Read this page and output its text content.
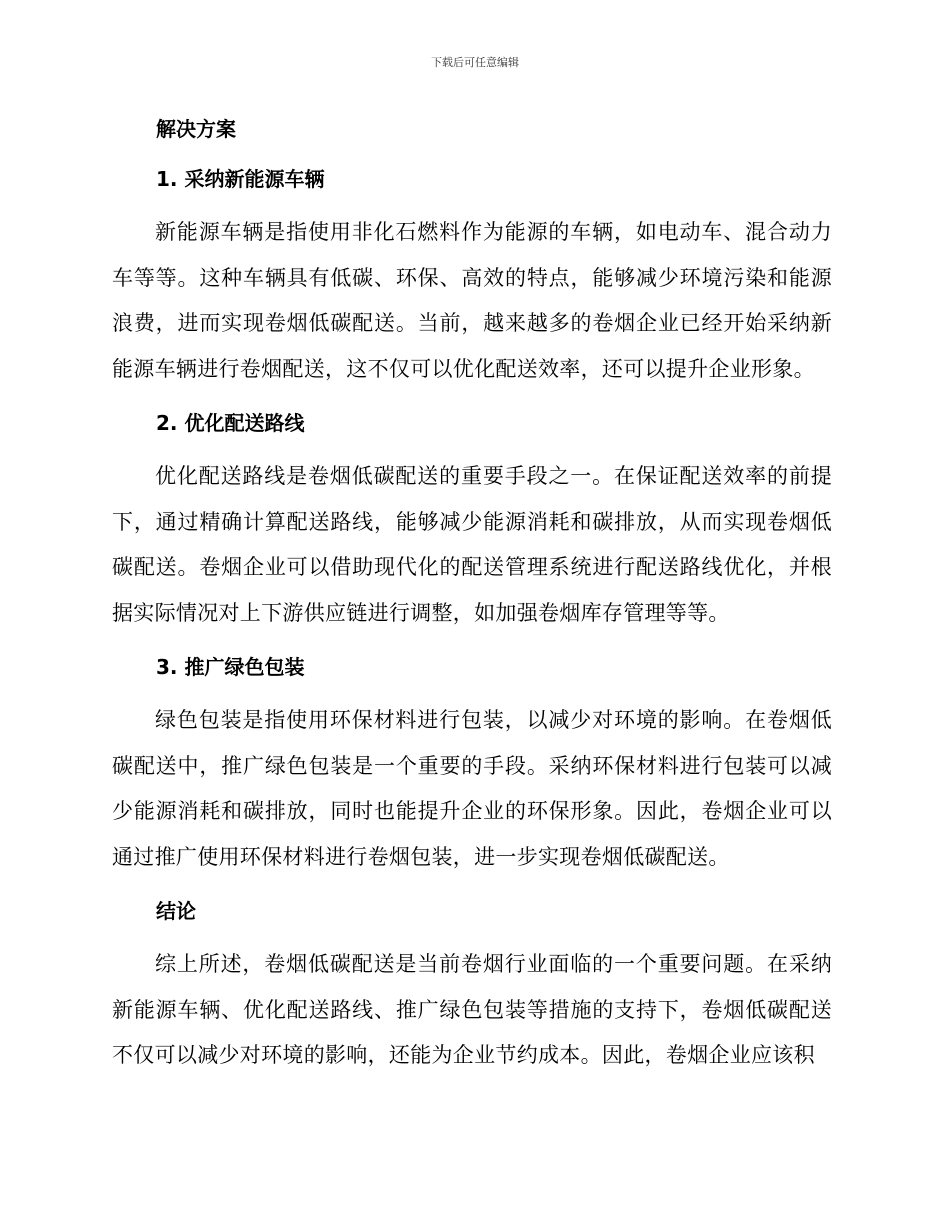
下载后可任意编辑
解决方案
1. 采纳新能源车辆

新能源车辆是指使用非化石燃料作为能源的车辆，如电动车、混合动力车等等。这种车辆具有低碳、环保、高效的特点，能够减少环境污染和能源浪费，进而实现卷烟低碳配送。当前，越来越多的卷烟企业已经开始采纳新能源车辆进行卷烟配送，这不仅可以优化配送效率，还可以提升企业形象。

2. 优化配送路线

优化配送路线是卷烟低碳配送的重要手段之一。在保证配送效率的前提下，通过精确计算配送路线，能够减少能源消耗和碳排放，从而实现卷烟低碳配送。卷烟企业可以借助现代化的配送管理系统进行配送路线优化，并根据实际情况对上下游供应链进行调整，如加强卷烟库存管理等等。

3. 推广绿色包装

绿色包装是指使用环保材料进行包装，以减少对环境的影响。在卷烟低碳配送中，推广绿色包装是一个重要的手段。采纳环保材料进行包装可以减少能源消耗和碳排放，同时也能提升企业的环保形象。因此，卷烟企业可以通过推广使用环保材料进行卷烟包装，进一步实现卷烟低碳配送。

结论

综上所述，卷烟低碳配送是当前卷烟行业面临的一个重要问题。在采纳新能源车辆、优化配送路线、推广绿色包装等措施的支持下，卷烟低碳配送不仅可以减少对环境的影响，还能为企业节约成本。因此，卷烟企业应该积
